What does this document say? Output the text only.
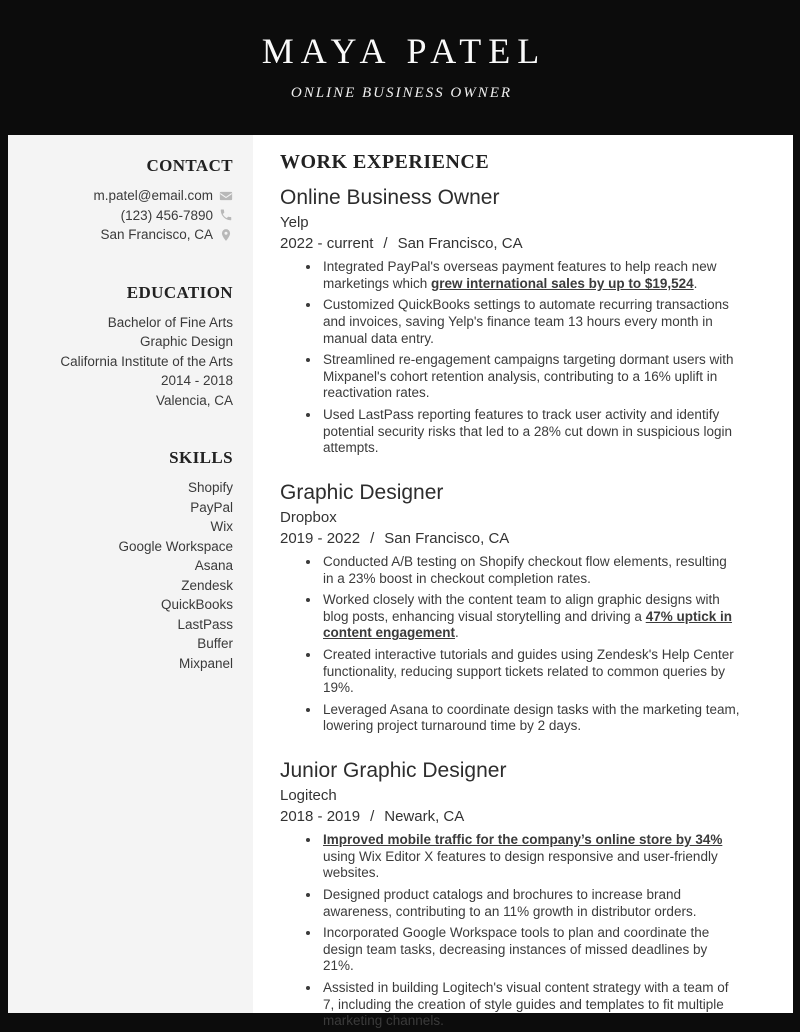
MAYA PATEL
ONLINE BUSINESS OWNER
CONTACT
m.patel@email.com
(123) 456-7890
San Francisco, CA
EDUCATION
Bachelor of Fine Arts
Graphic Design
California Institute of the Arts
2014 - 2018
Valencia, CA
SKILLS
Shopify
PayPal
Wix
Google Workspace
Asana
Zendesk
QuickBooks
LastPass
Buffer
Mixpanel
WORK EXPERIENCE
Online Business Owner
Yelp
2022 - current / San Francisco, CA
• Integrated PayPal's overseas payment features to help reach new marketings which grew international sales by up to $19,524.
• Customized QuickBooks settings to automate recurring transactions and invoices, saving Yelp's finance team 13 hours every month in manual data entry.
• Streamlined re-engagement campaigns targeting dormant users with Mixpanel's cohort retention analysis, contributing to a 16% uplift in reactivation rates.
• Used LastPass reporting features to track user activity and identify potential security risks that led to a 28% cut down in suspicious login attempts.
Graphic Designer
Dropbox
2019 - 2022 / San Francisco, CA
• Conducted A/B testing on Shopify checkout flow elements, resulting in a 23% boost in checkout completion rates.
• Worked closely with the content team to align graphic designs with blog posts, enhancing visual storytelling and driving a 47% uptick in content engagement.
• Created interactive tutorials and guides using Zendesk's Help Center functionality, reducing support tickets related to common queries by 19%.
• Leveraged Asana to coordinate design tasks with the marketing team, lowering project turnaround time by 2 days.
Junior Graphic Designer
Logitech
2018 - 2019 / Newark, CA
• Improved mobile traffic for the company’s online store by 34% using Wix Editor X features to design responsive and user-friendly websites.
• Designed product catalogs and brochures to increase brand awareness, contributing to an 11% growth in distributor orders.
• Incorporated Google Workspace tools to plan and coordinate the design team tasks, decreasing instances of missed deadlines by 21%.
• Assisted in building Logitech's visual content strategy with a team of 7, including the creation of style guides and templates to fit multiple marketing channels.
